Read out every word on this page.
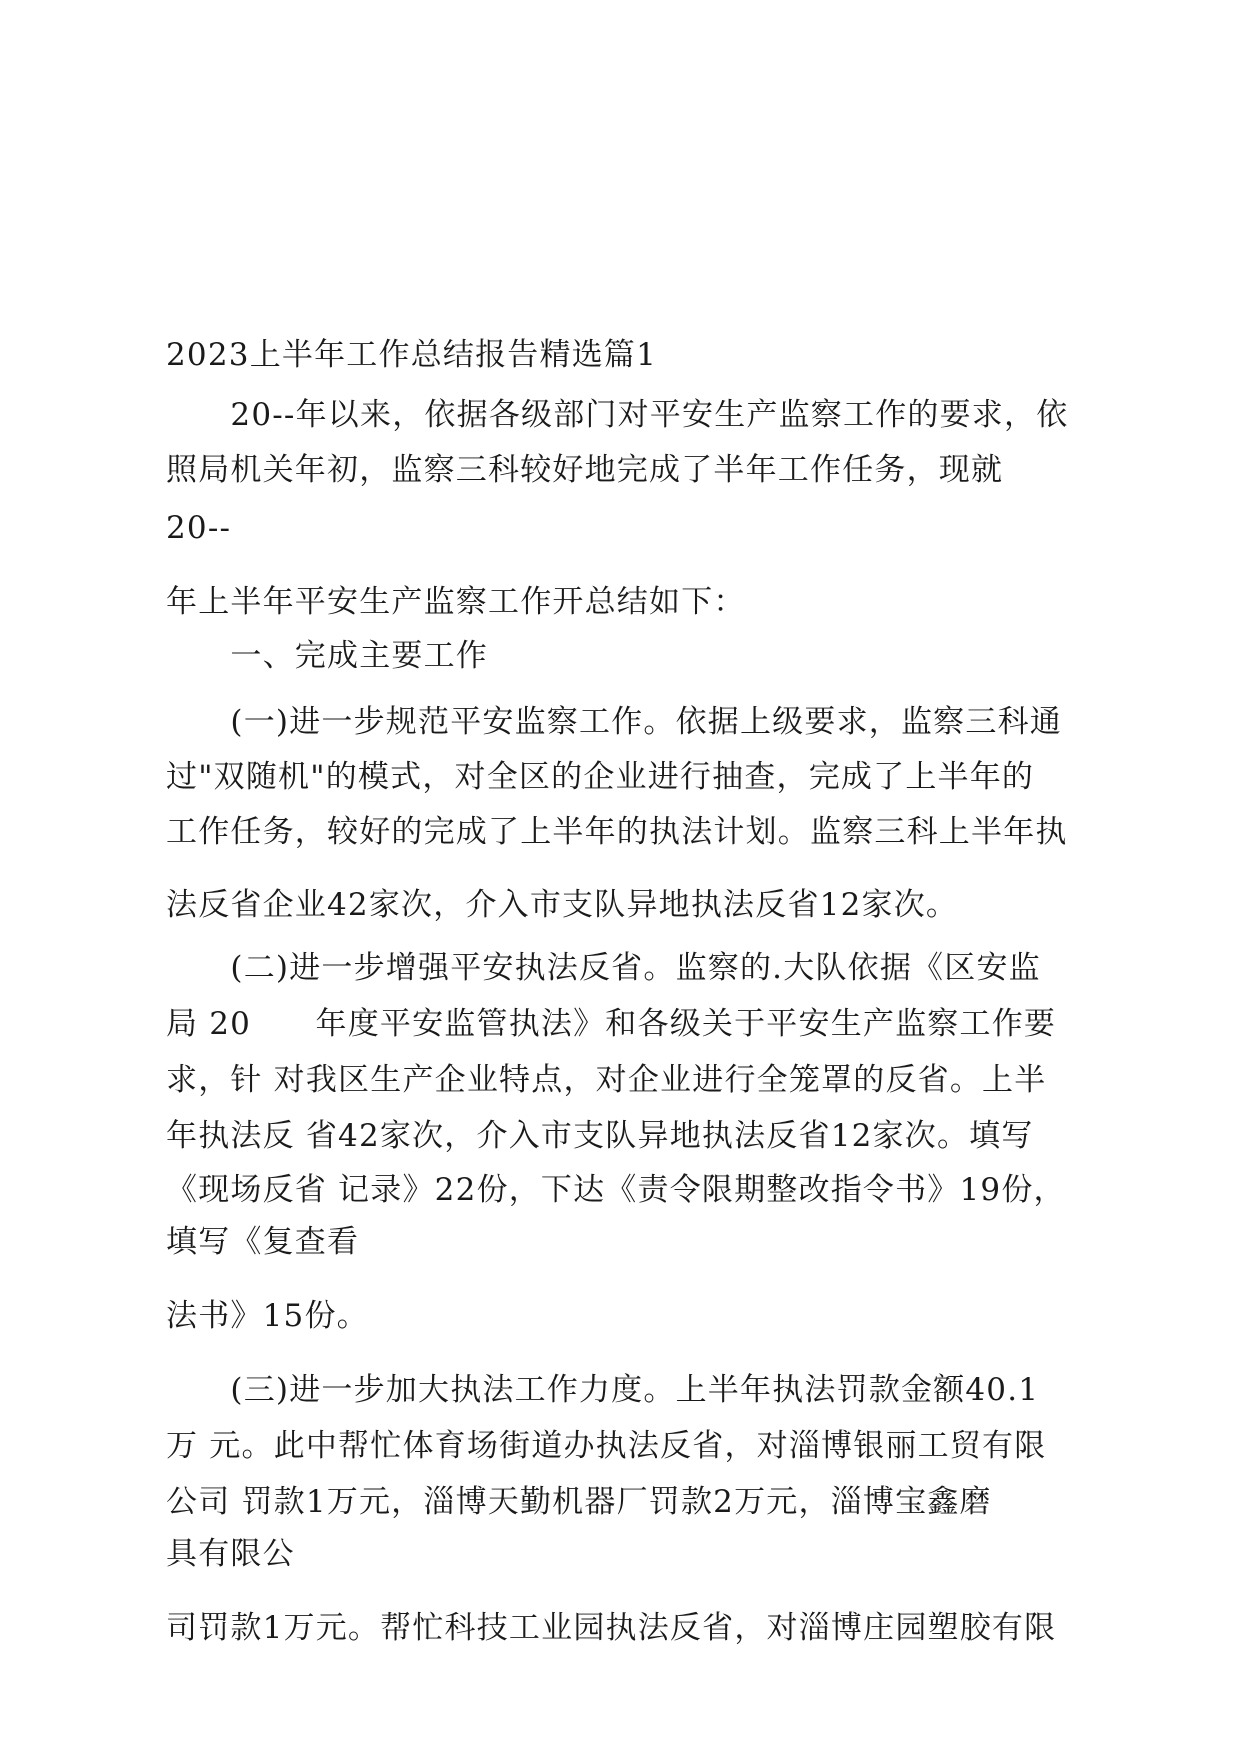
2023上半年工作总结报告精选篇1
　　20--年以来，依据各级部门对平安生产监察工作的要求，依
照局机关年初，监察三科较好地完成了半年工作任务，现就
20--
年上半年平安生产监察工作开总结如下：
　　一、完成主要工作
　　(一)进一步规范平安监察工作。依据上级要求，监察三科通
过"双随机"的模式，对全区的企业进行抽查，完成了上半年的
工作任务，较好的完成了上半年的执法计划。监察三科上半年执
法反省企业42家次，介入市支队异地执法反省12家次。
　　(二)进一步增强平安执法反省。监察的.大队依据《区安监
局 20　　年度平安监管执法》和各级关于平安生产监察工作要
求，针 对我区生产企业特点，对企业进行全笼罩的反省。上半
年执法反 省42家次，介入市支队异地执法反省12家次。填写
《现场反省 记录》22份，下达《责令限期整改指令书》19份，
填写《复查看
法书》15份。
　　(三)进一步加大执法工作力度。上半年执法罚款金额40.1
万 元。此中帮忙体育场街道办执法反省，对淄博银丽工贸有限
公司 罚款1万元，淄博天勤机器厂罚款2万元，淄博宝鑫磨
具有限公
司罚款1万元。帮忙科技工业园执法反省，对淄博庄园塑胶有限
